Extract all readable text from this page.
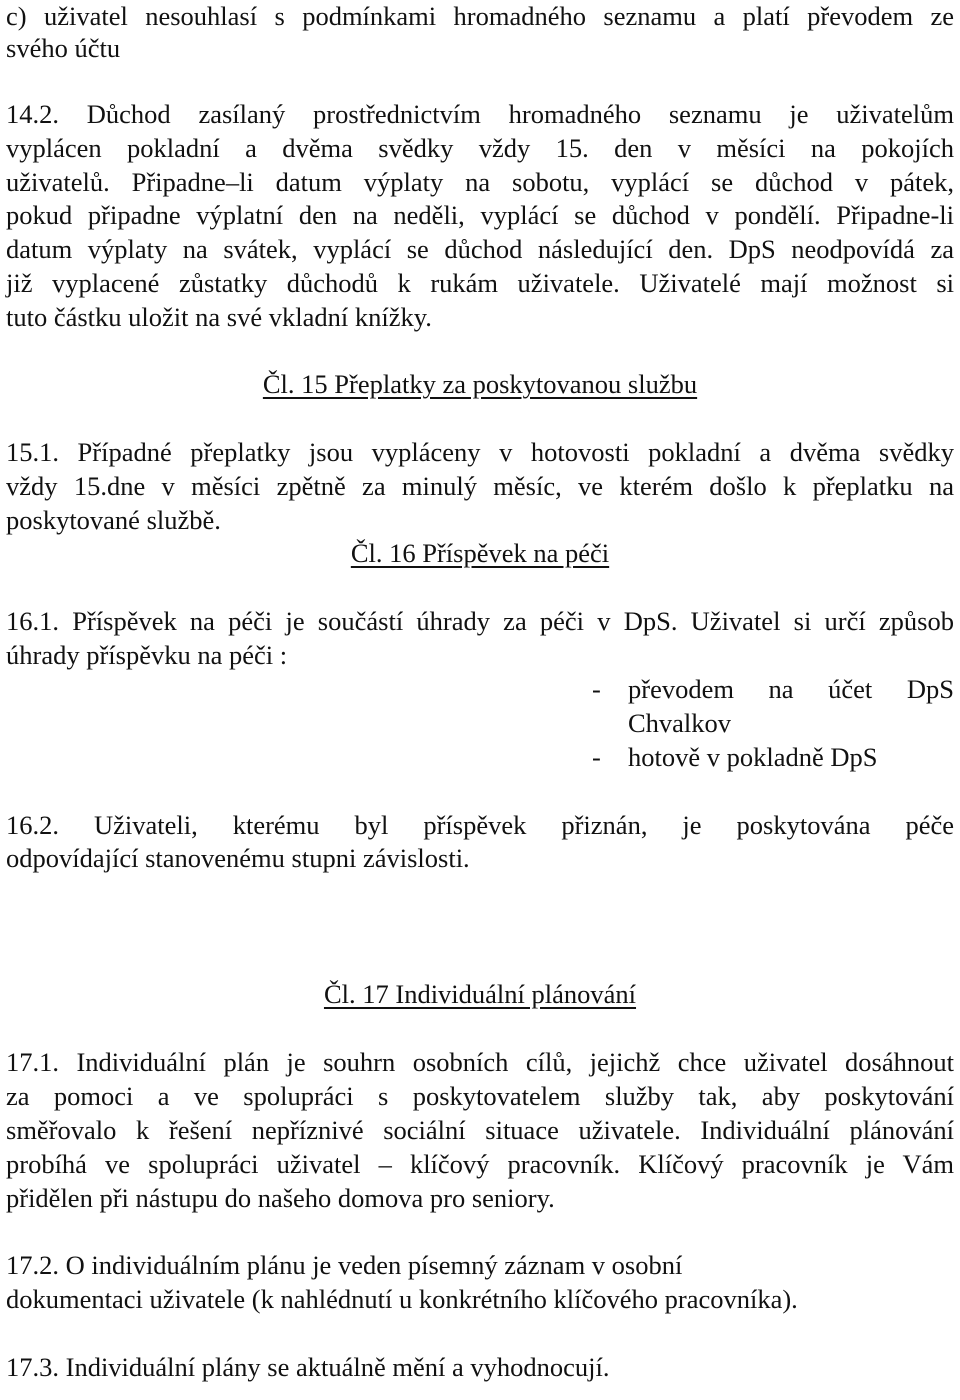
c) uživatel nesouhlasí s podmínkami hromadného seznamu a platí převodem ze
svého účtu
14.2. Důchod zasílaný prostřednictvím hromadného seznamu je uživatelům
vyplácen pokladní a dvěma svědky vždy 15. den v měsíci na pokojích
uživatelů. Připadne–li datum výplaty na sobotu, vyplácí se důchod v pátek,
pokud připadne výplatní den na neděli, vyplácí se důchod v pondělí. Připadne-li
datum výplaty na svátek, vyplácí se důchod následující den. DpS neodpovídá za
již vyplacené zůstatky důchodů k rukám uživatele. Uživatelé mají možnost si
tuto částku uložit na své vkladní knížky.
Čl. 15 Přeplatky za poskytovanou službu
15.1. Případné přeplatky jsou vypláceny v hotovosti pokladní a dvěma svědky
vždy 15.dne v měsíci zpětně za minulý měsíc, ve kterém došlo k přeplatku na
poskytované službě.
Čl. 16 Příspěvek na péči
16.1. Příspěvek na péči je součástí úhrady za péči v DpS. Uživatel si určí způsob
úhrady příspěvku na péči :
- převodem na účet DpS
Chvalkov
- hotově v pokladně DpS
16.2. Uživateli, kterému byl příspěvek přiznán, je poskytována péče
odpovídající stanovenému stupni závislosti.
Čl. 17 Individuální plánování
17.1. Individuální plán je souhrn osobních cílů, jejichž chce uživatel dosáhnout
za pomoci a ve spolupráci s poskytovatelem služby tak, aby poskytování
směřovalo k řešení nepříznivé sociální situace uživatele. Individuální plánování
probíhá ve spolupráci uživatel – klíčový pracovník. Klíčový pracovník je Vám
přidělen při nástupu do našeho domova pro seniory.
17.2. O individuálním plánu je veden písemný záznam v osobní
dokumentaci uživatele (k nahlédnutí u konkrétního klíčového pracovníka).
17.3. Individuální plány se aktuálně mění a vyhodnocují.
